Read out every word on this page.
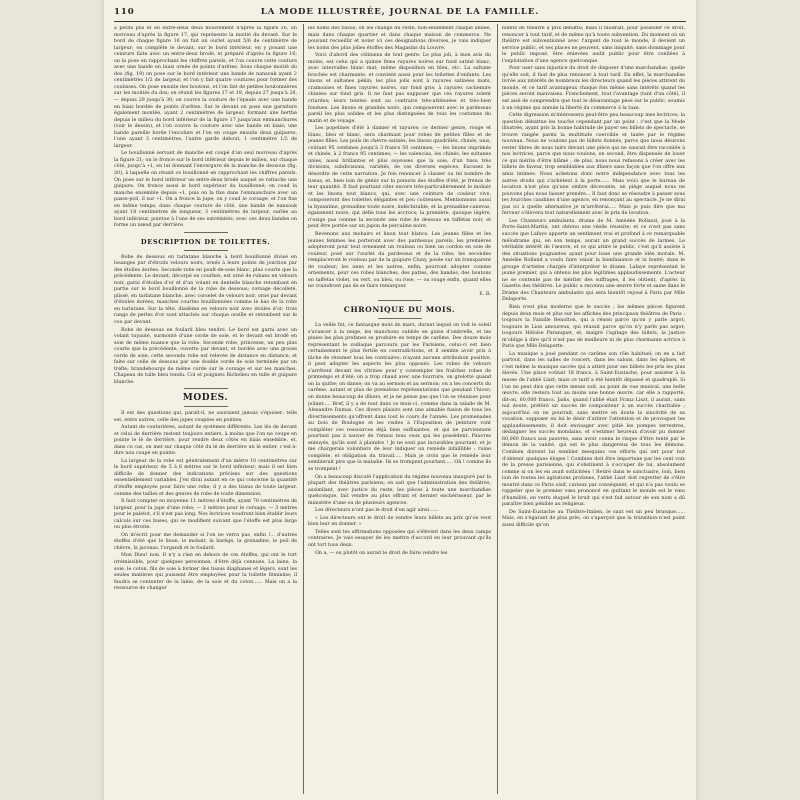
110	LA MODE ILLUSTRÉE, JOURNAL DE LA FAMILLE.

à petits plis et en entre-deux deux mouvement d'après la figure 16, un morceau d'après la figure 17, qui représente la moitié du devant. Sur le bord de chaque figure 16 on fait un ourlet ayant 5/6 de centimètre de largeur; on complète le devant, sur le bord intérieur, en y posant une ceinture faite avec un entre-deux brodé, et préparé d'après la figure 16; on la pose en rapprochant les chiffres pareils, et l'on couvre cette couture avec une bande en biais ornée de points d'arêtes. Sous chaque moitié du dos (fig. 19) on pose sur le bord intérieur une bande de nansouk ayant 2 centimètres 1/2 de largeur, et l'on y fait quatre coutures pour former des coulisses. On pose ensuite des boutons, et l'on fait de petites boutonnières sur les moitiés du dos; on réunit les figures 17 et 19, depuis 27 jusqu'à 28, — depuis 29 jusqu'à 30; on couvre la couture de l'épaule avec une bande en biais bordée de points d'arêtes. Sur le devant on pose une garniture également montée, ayant 2 centimètres de largeur, formant une berthe depuis le milieu du bord inférieur de la figure 17 jusqu'aux emmanchures (voir le dessin), et l'on couvre la couture avec une bande en biais; une bande pareille borde l'encolure et l'on en coupe ensuite deux guipures, l'une ayant 3 centimètres, l'autre garde debout, 1 centimètre 1/2 de largeur.

Le bouillonné servant de manche est coupé d'un seul morceau d'après la figure 21; on le fronce sur le bord inférieur depuis le milieu, sur chaque côté, jusqu'à ⋆1, en lui donnant l'envergure de la manche de dessous (fig. 20), à laquelle on réunit ce bouillonné en rapprochant les chiffres pareils. On pose sur le bord inférieur un entre-deux brodé auquel se rattache une guipure. On fronce aussi le bord supérieur du bouillonné; on coud la manche ensemble depuis ⋆1, puis on la fixe dans l'emmanchure avec un passe-poil, il sur ⋆1. On a fronce la jupe; on y coud le corsage, et l'on fixe en même temps, dans chaque couture de côté, une bande de nansouk ayant 18 centimètres de longueur, 3 centimètres de largeur, ourlée au bord inférieur, pointue à l'une de ses extrémités; avec ces deux bandes on forme un nœud par derrière.

DESCRIPTION DE TOILETTES.

Robe de dessous en tarlatane blanche à bord bouillonné divisé en losanges par d'étroits velours noirs, ornés à leurs points de jonction par des étoiles dorées. Seconde robe en poult-de-soie blanc, plus courte que la précédente. Le devant, décorpé en courbes, est orné de rubans en velours noir, garni d'étoiles d'or et d'un volant en dentelle blanche retombant en partie sur le bord bouillonné de la robe de dessous; corsage décolleté, plissé, en tarlatane blanche, avec corselet de velours noir, orné par devant d'étoiles dorées; manches courtes bouillonnées comme le bas de la robe en tarlatane. Sur la tête, diadème en velours noir avec étoiles d'or; trois rangs de perles d'or sont attachés sur chaque oreille et retombent sur le cou par devant.

Robe de dessous en foulard bleu tendre. Le bord est garni avec un volant tuyauté, surmonté d'une corde de soie, et le devant est brodé en soie de même nuance que la robe. Seconde robe, princesse, un peu plus courte que la précédente, ouverte par devant, et bordée avec une grosse corde de soie; cette seconde robe est relevée de distance en distance, et faite sur celle de dessous par une double corde de soie terminée par un tréfle; brandebourgs de même corde sur le corsage et sur les manches. Chapeau de tulle bleu tendu. Col et poignets Richelieu en tulle et guipure blanche.

MODES.

Il est des questions qui, paraît-il, ne sauraient jamais s'épuiser; telle est, entre autres, celle des jupes coupées en pointes.

Autant de couturières, autant de systèmes différents. Les lés de devant et celui de derrière restent toujours entiers, à moins que l'on ne coupe en pointe le lé de derrière, pour rendre deux côtés en biais ensemble, et, dans ce cas, on met sur chaque côté du lé de derrière un lé entier, c'est-à-dire non coupé en pointe.

La largeur de la robe est généralement d'un mètre 10 centimètres sur le bord supérieur, de 5 à 6 mètres sur le bord inférieur; mais il est bien difficile de donner des indications précises sur des questions essentiellement variables. J'en dirai autant en ce qui concerne la quantité d'étoffe employée pour faire une robe; il y a des tissus de toute largeur, comme des tailles et des genres de robe de toute dimension.

Il faut compter en moyenne 11 mètres d'étoffe, ayant 70 centimètres de largeur, pour la jupe d'une robe; — 2 mètres pour le corsage, — 3 mètres pour le paletot, s'il n'est pas long. Nos lectrices voudront bien établir leurs calculs sur ces bases, qui se modifient suivant que l'étoffe est plus large ou plus étroite.

On m'écrit pour me demander si l'on ne verra pas, enfin !... d'autres étoffes d'été que le linon, le mohair, la barège, la grenadine, le poil de chèvre, la jaconas, l'organdi et le foulard.

Mon Dieu! non. Il n'y a rien en dehors de ces étoffes, qui ont le tort irrémissible, pour quelques personnes, d'être déjà connues. La laine, la soie, le coton, fils de soie à former des tissus diaphanes et légers, sont les seules matières qui puissent être employées pour la toilette féminine; il faudra se contenter de la laine, de la soie et du coton...... Mais on a la ressource de changer

les noms des tissus; on les change du reste, non-seulement chaque année, mais dans chaque quartier et dans chaque maison de commerce. Ne pouvant recueillir et noter ici ces désignations diverses, je vais indiquer les noms des plus jolies étoffes des Magasins du Louvre.

Voici d'abord des céliniens de tout genre. Le plus joli, à mon avis du moins, est celui qui a quinze fines rayures noires sur fond satiné blanc, avec intervalles blanc mat; même disposition en bleu, etc. La sultane brochée est charmante, et convient aussi pour les toilettes d'enfants. Les linons et sultanes pékin; les plus jolis sont à rayures satinées mats, cramoisies et fines rayures noires, sur fond gris; à rayures cachemire chinées sur fond gris. Il ne faut pas supposer que ces rayures soient criardes; leurs teintes sont au contraire très-atténuées et très-bien fondues. Les linons et granités noirs, qui composeront avec le pardessus pareil les plus solides et les plus distinguées de tous les costumes du matin et de voyage.

Les popelines d'été à damier et rayures; ce dernier genre, rouge et blanc, bleu et blanc, sera charmant pour robes de petites filles et de jeunes filles. Les poils de chèvre satinés; les linons quadrillés, chinés, unis, coûtant 95 centimes jusqu'à 3 francs 50 centimes; — les linons imprimés et chinés, à 2 francs 95 centimes; — les valencias, les chinés, les sultanes unies, aussi brillantes et plus soyeuses que la soie, d'un tissu très divisions, subdivisions, variétés, de ces diverses espèces. Excusez le désordre de cette narration. Je fois renoncer à classer ou tel nombre de tissus, et, bien loin de gémir sur la pénurie des étoffes d'été, je frémis de leur quantité. Il faut pourtant citer encore très-particulièrement le mohair et les linons tout blancs, qui, avec une ceinture de couleur vive, composeront des toilettes élégantes et peu coûteuses. Mentionnons aussi la byzantine, grenadine toute noire, indéchirable, et la grenadine-canevas, également noire, qui défie tous les accrocs; la première, quoique légère, n'exige pas comme la seconde une robe de dessous en taffetas noir, et peut être portée sur un jupon de percaline noire.

Revenons aux mohairs et linon tout blancs. Les jeunes filles et les jeunes femmes les porteront avec des pardessus pareils; les premières adopteront pour tout ornement un rouleau ou bien un cordon en soie de couleur, posé sur l'ourlet du pardessus et de la robe; les secondes remplaceront le rouleau par de la guipure Cluny, posée sur un transparent de couleur; les unes et les autres, enfin, pourront adopter comme ornements, pour ces robes blanches, des pattes, des bandes, des boutons en taffetas violet, ou vert, ou bleu, ou rose, — ou rouge enfin, quand elles ne craindront pas de se faire remarquer.

E. R.
CHRONIQUE DU MOIS.

La veille fut, ce fantasque mois de mars, durant lequel on voit le soleil s'avancer à la neige, les manchons oubliés en guise d'ombrelle, et les pluies les plus profanes se produire en temps de carême. Des douze mois représentant le zodiaque parcouru par les Parisiens, celui-ci est bien certainement le plus fertile en contradictions, et il semble avoir pris à tâche de résumer tous les contraires; n'ayant aucune attribution positive, il peut adopter les aspects les plus opposés. Les robes de velours s'arrêtent devant les vitrines pour y contempler les fraîches robes de printemps et d'été; on a trop chaud avec une fourrure, on grelotte quand on la quitte; on danse; on va au sermon et au sermon; on a les concerts du carême, autant et plus de premières représentations que pendant l'hiver; on donne beaucoup de dîners, et je ne pense pas que l'on se réunisse pour jeûner..... Bref, il y a de tout dans ce mois-ci, comme dans la salade de M. Alexandre Dumas. Ces divers plaisirs sont une aimable fusion de tous les divertissements qu'offrent dans tout le cours de l'année. Les promenades au bois de Boulogne et les visites à l'Exposition de peinture vont compléter ces ressources déjà bien suffisantes, et qui ne parviennent pourtant pas à sauver de l'ennui tous ceux qui les possèdent. Pauvres ennuyés, qu'ils sont à plaindre ! Je ne sont pas incurables pourtant, et je me chargerais volontiers de leur indiquer un remède infaillible : ruine complète, et obligation du travail..... Mais je crois que le remède leur semblerait pire que la maladie. Ils se trompent pourtant..... Oh ! comme ils se trompent !

On a beaucoup discuté l'application du régime nouveau inauguré par la plupart des théâtres parisiens; on sait que l'administration des théâtres, assimilant, avec justice du reste, les pièces à toute une marchandise quelconque, fait vendre au plus offrant et dernier enchérisseur, par le ministère d'une ou de plusieurs agences.

Les directeurs n'ont pas le droit d'en agir ainsi......

« Les directeurs ont le droit de vendre leurs billets au prix qu'on veut bien leur en donner. »

Telles sont les affirmations opposées qui s'élèvent dans les deux camps contraires. Je vais essayer de les mettre d'accord en leur prouvant qu'ils ont tort tous deux.

On a, — ou plutôt on aurait le droit de faire vendre les

billets de théâtre à prix débattu; mais il faudrait, pour posséder ce droit, renoncer à tout tarif, et de même qu'à toute subvention. Du moment où un théâtre est subventionné avec l'argent de tout le monde, il devient un service public, et ses places ne peuvent, sans iniquité, sans dommage pour le public imposé, être enlevées audit public pour être confiées à l'exploitation d'une agence quelconque.

Pour user sans injustice du droit de disposer d'une marchandise, quelle qu'elle soit, il faut de plus renoncer à tout tarif. En effet, la marchandise livrée aux intérêts de nombreux les directeurs quand les pièces attirent du monde, et ce tarif avantageux chaque fois même sans intérêts quand les pièces seront mauvaises. Franchement, tout l'avantage (tant d'un côté), il est aisé de comprendre que tout le désavantage pèse sur le public, soumis à un régime qui annule la liberté du commerce à la taxe.

Cette digression m'intéressera peut-être peu beaucoup mes lectrices; la question débattue les touche cependant par un point : c'est que la Mode illustrée, ayant pris la bonne habitude de payer ses billets de spectacle, se trouve rangée parmi la multitude coercible et taxée par le régime nouveau. Nous ne voulons pas de billets donnés, parce que nous désirons rester libres de nous taire devant une pièce qui ne saurait être racontée à nos lectrices, parce que nous voulons, en second, être dispensés de louer ce qui mérite d'être blâmé ; de plus, nous nous refusons à créer avec les billets de faveur, trop semblables aux dîners sans façon que l'on offre aux amis intimes. Nous achetons donc notre indépendance avec tous les autres droits qui s'achètent à la porte...... Mais voici que le bureau de location n'est plus qu'une ombre décevante, un piège auquel nous ne pouvons plus nous laisser prendre... Il faut donc se résoudre à passer sous les fourches caudines d'une agence, en renonçant au spectacle. Je ne dirai pas ici à quelle alternative je m'arrêterai..... Mais je puis dire que ma ferveur s'élèvera tout naturellement avec le prix de location.

Les Chanteurs ambulants, drame de M. Amédée Rolland, joué à la Porte-Saint-Martin, ont obtenu une réelle réussite; et ce n'est pas sans succès que Lafaye apporte un sentiment vrai et profond à ce remarquable mélodrame qui, en son temps, aurait un grand succès de larmes. Le véritable intérêt de l'œuvre, et ce qui attire le public, c'est qu'il assiste à des situations poignantes ayant pour base une grande idée morale. M. Amédée Rolland a voulu faire valoir la bienfaisance et la bonté; dans le groupe d'artistes chargés d'interpréter le drame, Lafaye représentait le jeune premier, qui a obtenu les plus légitimes applaudissements. L'acteur ne se contente pas de mériter des suffrages, il les obtient, d'après la Gazette des théâtres. Le public a reconnu une œuvre forte et saine dans le Drame des Chanteurs ambulants qui sera bientôt rejoué à Paris par Mlle Delaporte.

Bien n'est plus moderne que le succès ; les mêmes pièces figurent depuis deux mois et plus sur les affiches des principaux théâtres de Paris : toujours la Famille Benoîton, qui a réussi parce qu'on y parle argot; toujours le Lion amoureux, qui réussit parce qu'on n'y parle pas argot; toujours Héloïse Paranquet, et, malgré l'agitage des billets, la justice m'oblige à dire qu'il n'est pas de meilleure ni de plus charmante actrice à Paris que Mlle Delaporte.

La musique a joué pendant ce carême son rôle habituel; on en a fait partout, dans les salles de concert, dans les salons, dans les églises, et c'est même la musique sacrée qui a attiré pour ses billets les prix les plus élevés. Une place coûtait 18 francs, à Saint-Eustache, pour assister à la messe de l'abbé Liszt; mais ce tarif a été bientôt dépassé et quadruplé. Si l'on ne peut dire que cette messe soit, au point de vue musical, une belle œuvre, elle restera tout au moins une bonne œuvre, car elle a rapporté, dit-on, 60,000 francs. Jadis, quand l'abbé était Franz Liszt, il aurait, sans nul doute, préféré un succès de compositeur à un succès charitable ; aujourd'hui on ne pourrait, sans mettre en doute la sincérité de sa vocation, supposer en lui le désir d'attirer l'attention et de provoquer les applaudissements; il doit envisager avec pitié les pompes terrestres, dédaigner les succès mondains, et s'estimer heureux d'avoir pu donner 60,000 francs aux pauvres, sans avoir connu le risque d'être tenté par le démon de la vanité, qui est le plus dangereux de tous les démons. Combien doivent lui sembler mesquins ces efforts qui ont pour but d'obtenir quelques éloges ! Combien doit être importune par les cent voix de la presse parisienne, qui s'obstinent à s'occuper de lui, absolument comme si on les en avait sollicitées ! Retiré dans le sanctuaire, loin, bien loin de toutes les agitations profanes, l'abbé Liszt doit regretter de s'être montré dans ce Paris oisif, curieux par conséquent, et qui n'a pas voulu se rappeler que le premier vœu prononcé en quittant le monde est le vœu d'humilité, en vertu duquel le bruit qui s'est fait autour de son nom a dû paraître bien pénible au religieux.

De Saint-Eustache au Théâtre-Italien, le saut est un peu brusque...... Mais, en s'égarant de plus près, on s'aperçoit que la transition n'est point aussi difficile qu'on
